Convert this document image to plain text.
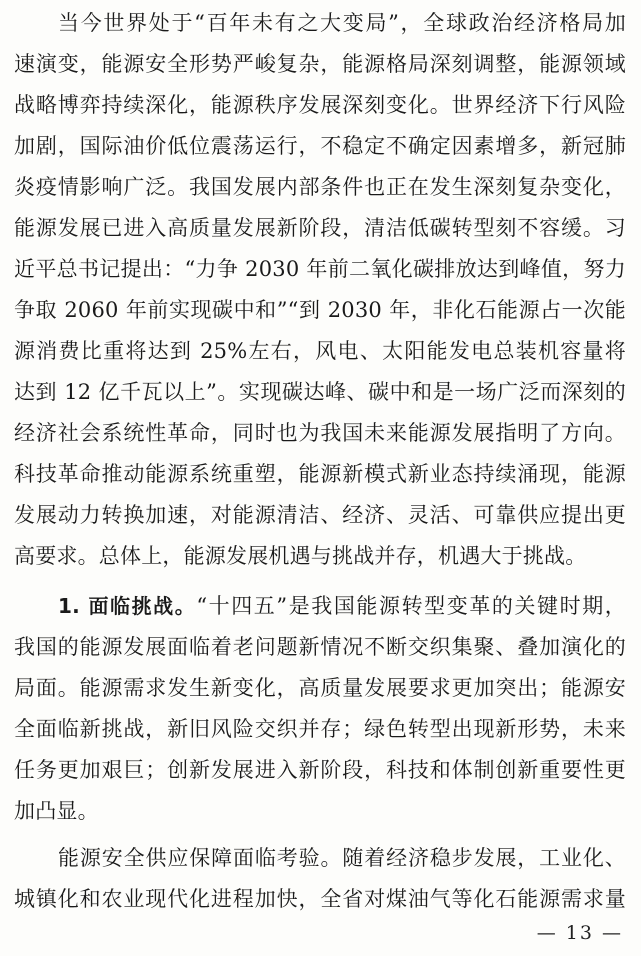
当今世界处于“百年未有之大变局”，全球政治经济格局加
速演变，能源安全形势严峻复杂，能源格局深刻调整，能源领域
战略博弈持续深化，能源秩序发展深刻变化。世界经济下行风险
加剧，国际油价低位震荡运行，不稳定不确定因素增多，新冠肺
炎疫情影响广泛。我国发展内部条件也正在发生深刻复杂变化，
能源发展已进入高质量发展新阶段，清洁低碳转型刻不容缓。习
近平总书记提出：“力争 2030 年前二氧化碳排放达到峰值，努力
争取 2060 年前实现碳中和”“到 2030 年，非化石能源占一次能
源消费比重将达到 25%左右，风电、太阳能发电总装机容量将
达到 12 亿千瓦以上”。实现碳达峰、碳中和是一场广泛而深刻的
经济社会系统性革命，同时也为我国未来能源发展指明了方向。
科技革命推动能源系统重塑，能源新模式新业态持续涌现，能源
发展动力转换加速，对能源清洁、经济、灵活、可靠供应提出更
高要求。总体上，能源发展机遇与挑战并存，机遇大于挑战。
1. 面临挑战。“十四五”是我国能源转型变革的关键时期，
我国的能源发展面临着老问题新情况不断交织集聚、叠加演化的
局面。能源需求发生新变化，高质量发展要求更加突出；能源安
全面临新挑战，新旧风险交织并存；绿色转型出现新形势，未来
任务更加艰巨；创新发展进入新阶段，科技和体制创新重要性更
加凸显。
能源安全供应保障面临考验。随着经济稳步发展，工业化、
城镇化和农业现代化进程加快，全省对煤油气等化石能源需求量
— 13 —
